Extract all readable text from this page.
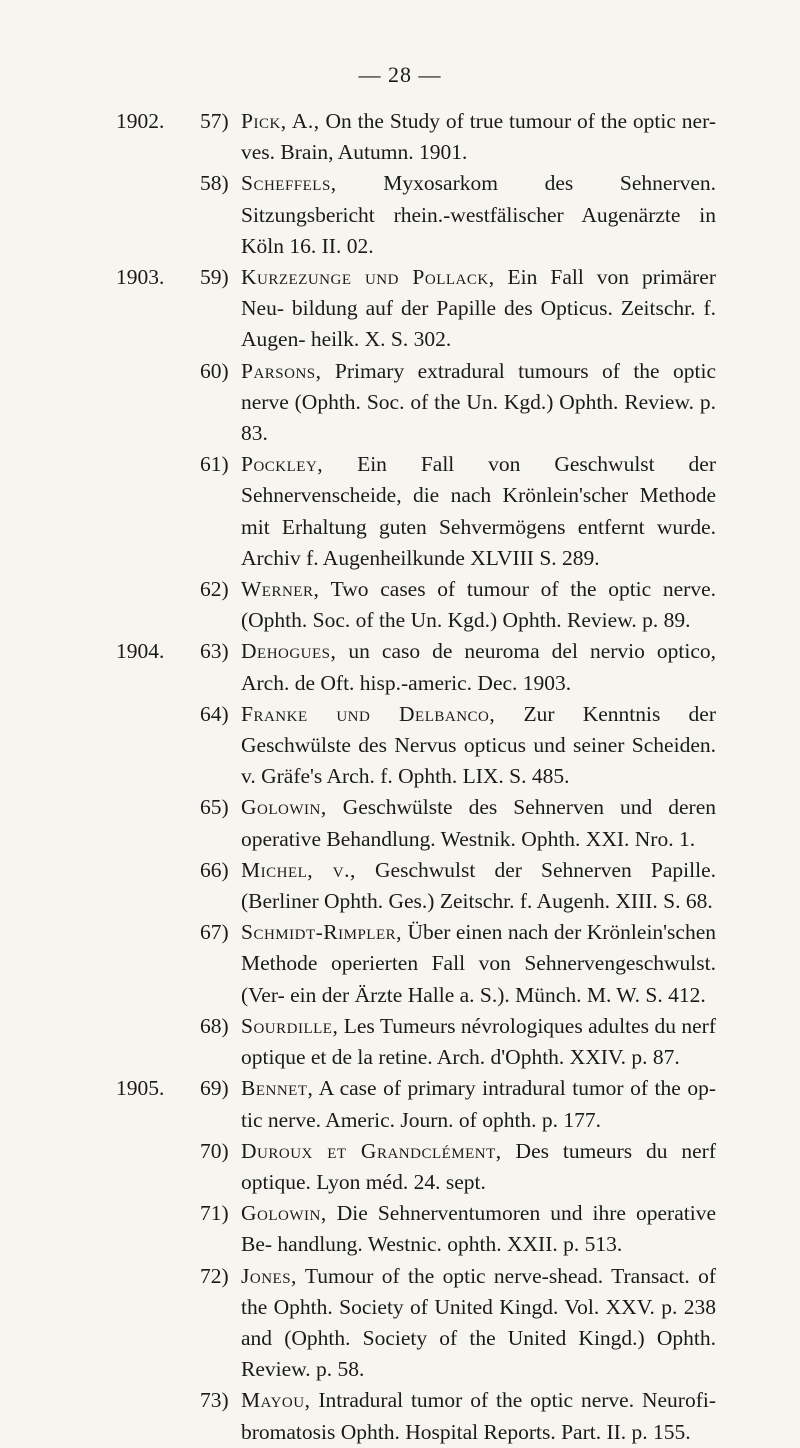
— 28 —
1902. 57) Pick, A., On the Study of true tumour of the optic ner- ves. Brain, Autumn. 1901.
58) Scheffels, Myxosarkom des Sehnerven. Sitzungsbericht rhein.-westfälischer Augenärzte in Köln 16. II. 02.
1903. 59) Kurzezunge und Pollack, Ein Fall von primärer Neu- bildung auf der Papille des Opticus. Zeitschr. f. Augen- heilk. X. S. 302.
60) Parsons, Primary extradural tumours of the optic nerve (Ophth. Soc. of the Un. Kgd.) Ophth. Review. p. 83.
61) Pockley, Ein Fall von Geschwulst der Sehnervenscheide, die nach Krönlein'scher Methode mit Erhaltung guten Sehvermögens entfernt wurde. Archiv f. Augenheilkunde XLVIII S. 289.
62) Werner, Two cases of tumour of the optic nerve. (Ophth. Soc. of the Un. Kgd.) Ophth. Review. p. 89.
1904. 63) Dehogues, un caso de neuroma del nervio optico, Arch. de Oft. hisp.-americ. Dec. 1903.
64) Franke und Delbanco, Zur Kenntnis der Geschwülste des Nervus opticus und seiner Scheiden. v. Gräfe's Arch. f. Ophth. LIX. S. 485.
65) Golowin, Geschwülste des Sehnerven und deren operative Behandlung. Westnik. Ophth. XXI. Nro. 1.
66) Michel, v., Geschwulst der Sehnerven Papille. (Berliner Ophth. Ges.) Zeitschr. f. Augenh. XIII. S. 68.
67) Schmidt-Rimpler, Über einen nach der Krönlein'schen Methode operierten Fall von Sehnervengeschwulst. (Ver- ein der Ärzte Halle a. S.). Münch. M. W. S. 412.
68) Sourdille, Les Tumeurs névrologiques adultes du nerf optique et de la retine. Arch. d'Ophth. XXIV. p. 87.
1905. 69) Bennet, A case of primary intradural tumor of the op- tic nerve. Americ. Journ. of ophth. p. 177.
70) Duroux et Grandclément, Des tumeurs du nerf optique. Lyon méd. 24. sept.
71) Golowin, Die Sehnerventumoren und ihre operative Be- handlung. Westnic. ophth. XXII. p. 513.
72) Jones, Tumour of the optic nerve-shead. Transact. of the Ophth. Society of United Kingd. Vol. XXV. p. 238 and (Ophth. Society of the United Kingd.) Ophth. Review. p. 58.
73) Mayou, Intradural tumor of the optic nerve. Neurofi- bromatosis Ophth. Hospital Reports. Part. II. p. 155.
